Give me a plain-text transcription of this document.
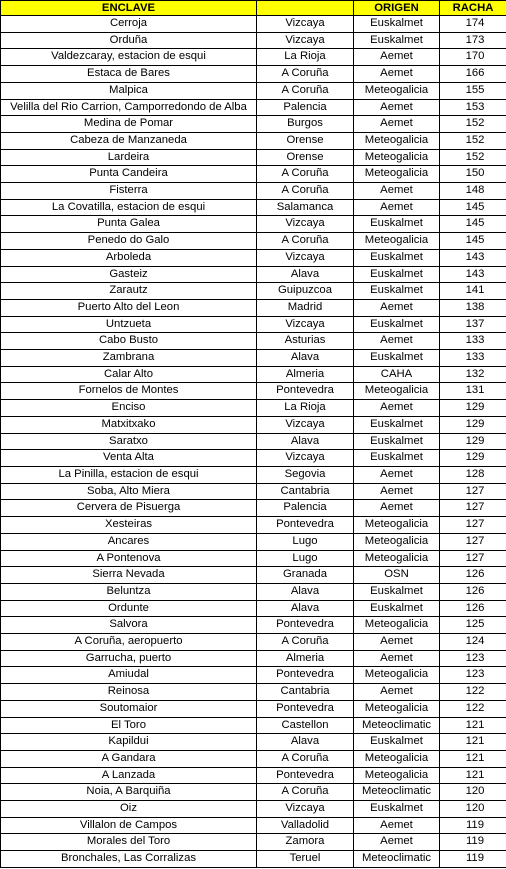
ENCLAVE		ORIGEN	RACHA
Cerroja	Vizcaya	Euskalmet	174
Orduña	Vizcaya	Euskalmet	173
Valdezcaray, estacion de esqui	La Rioja	Aemet	170
Estaca de Bares	A Coruña	Aemet	166
Malpica	A Coruña	Meteogalicia	155
Velilla del Rio Carrion, Camporredondo de Alba	Palencia	Aemet	153
Medina de Pomar	Burgos	Aemet	152
Cabeza de Manzaneda	Orense	Meteogalicia	152
Lardeira	Orense	Meteogalicia	152
Punta Candeira	A Coruña	Meteogalicia	150
Fisterra	A Coruña	Aemet	148
La Covatilla, estacion de esqui	Salamanca	Aemet	145
Punta Galea	Vizcaya	Euskalmet	145
Penedo do Galo	A Coruña	Meteogalicia	145
Arboleda	Vizcaya	Euskalmet	143
Gasteiz	Alava	Euskalmet	143
Zarautz	Guipuzcoa	Euskalmet	141
Puerto Alto del Leon	Madrid	Aemet	138
Untzueta	Vizcaya	Euskalmet	137
Cabo Busto	Asturias	Aemet	133
Zambrana	Alava	Euskalmet	133
Calar Alto	Almeria	CAHA	132
Fornelos de Montes	Pontevedra	Meteogalicia	131
Enciso	La Rioja	Aemet	129
Matxitxako	Vizcaya	Euskalmet	129
Saratxo	Alava	Euskalmet	129
Venta Alta	Vizcaya	Euskalmet	129
La Pinilla, estacion de esqui	Segovia	Aemet	128
Soba, Alto Miera	Cantabria	Aemet	127
Cervera de Pisuerga	Palencia	Aemet	127
Xesteiras	Pontevedra	Meteogalicia	127
Ancares	Lugo	Meteogalicia	127
A Pontenova	Lugo	Meteogalicia	127
Sierra Nevada	Granada	OSN	126
Beluntza	Alava	Euskalmet	126
Ordunte	Alava	Euskalmet	126
Salvora	Pontevedra	Meteogalicia	125
A Coruña, aeropuerto	A Coruña	Aemet	124
Garrucha, puerto	Almeria	Aemet	123
Amiudal	Pontevedra	Meteogalicia	123
Reinosa	Cantabria	Aemet	122
Soutomaior	Pontevedra	Meteogalicia	122
El Toro	Castellon	Meteoclimatic	121
Kapildui	Alava	Euskalmet	121
A Gandara	A Coruña	Meteogalicia	121
A Lanzada	Pontevedra	Meteogalicia	121
Noia, A Barquiña	A Coruña	Meteoclimatic	120
Oiz	Vizcaya	Euskalmet	120
Villalon de Campos	Valladolid	Aemet	119
Morales del Toro	Zamora	Aemet	119
Bronchales, Las Corralizas	Teruel	Meteoclimatic	119
